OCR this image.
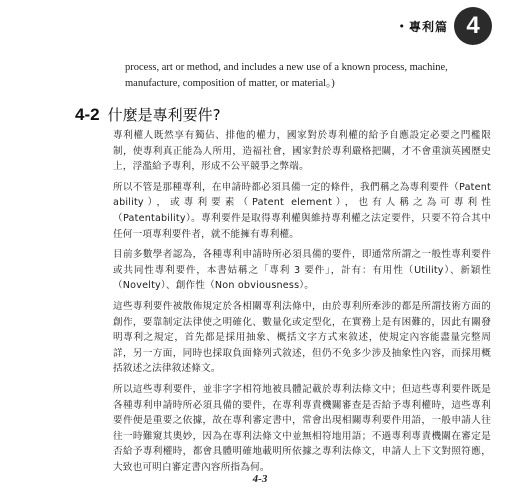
• 專利篇 4
process, art or method, and includes a new use of a known process, machine, manufacture, composition of matter, or material。)
4-2 什麼是專利要件?

專利權人既然享有獨佔、排他的權力，國家對於專利權的給予自應設定必要之門檻限制，使專利真正能為人所用，造福社會，國家對於專利嚴格把關，才不會重演英國歷史上，浮濫給予專利，形成不公平競爭之弊端。

所以不管是那種專利，在申請時都必須具備一定的條件，我們稱之為專利要件（Patent ability），或專利要素（Patent element），也有人稱之為可專利性（Patentability）。專利要件是取得專利權與維持專利權之法定要件，只要不符合其中任何一項專利要件者，就不能擁有專利權。

目前多數學者認為，各種專利申請時所必須具備的要件，即通常所謂之一般性專利要件或共同性專利要件，本書姑稱之「專利 3 要件」，計有：有用性（Utility）、新穎性（Novelty）、創作性（Non obviousness）。

這些專利要件被散佈規定於各相關專利法條中，由於專利所牽涉的都是所謂技術方面的創作，要靠制定法律使之明確化、數量化或定型化，在實務上是有困難的，因此有關發明專利之規定，首先都是採用抽象、概括文字方式來敘述，使規定內容能盡量完整周詳，另一方面，同時也採取負面條列式敘述，但仍不免多少涉及抽象性內容，而採用概括敘述之法律敘述條文。

所以這些專利要件，並非字字相符地被具體記載於專利法條文中；但這些專利要件既是各種專利申請時所必須具備的要件，在專利專責機關審查是否給予專利權時，這些專利要件便是重要之依據，故在專利審定書中，常會出現相關專利要件用語，一般申請人往往一時難窺其奧妙，因為在專利法條文中並無相符地用語；不過專利專責機關在審定是否給予專利權時，都會具體明確地載明所依據之專利法條文，申請人上下文對照符應，大致也可明白審定書內容所指為何。

4-3
